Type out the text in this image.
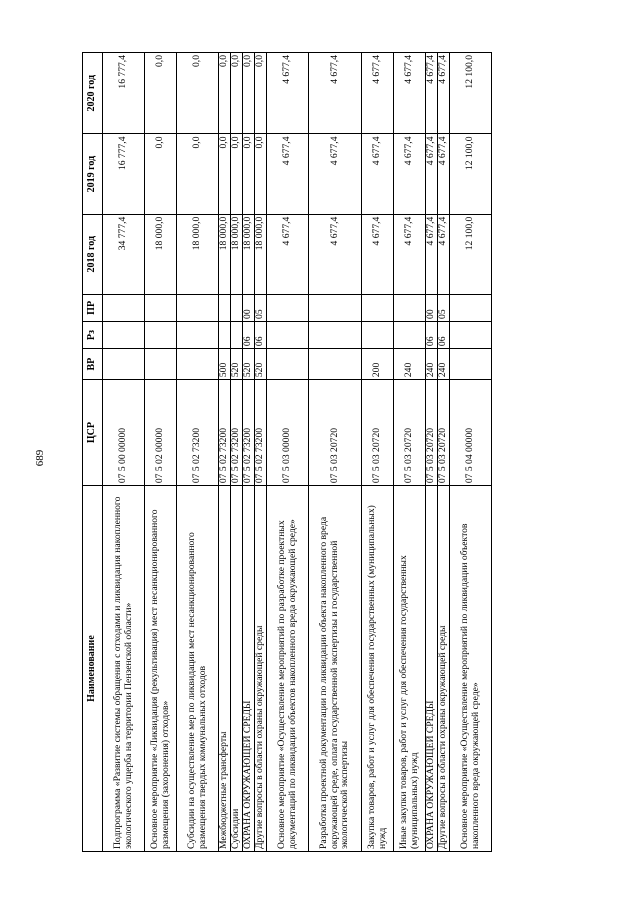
689
Наименование	ЦСР	ВР	Рз	ПР	2018 год	2019 год	2020 год
Подпрограмма «Развитие системы обращения с отходами и ликвидация накопленного экологического ущерба на территории Пензенской области»	07 5 00 00000				34 777,4	16 777,4	16 777,4
Основное мероприятие «Ликвидация (рекультивация) мест несанкционированного размещения (захоронения) отходов»	07 5 02 00000				18 000,0	0,0	0,0
Субсидии на осуществление мер по ликвидации мест несанкционированного размещения твердых коммунальных отходов	07 5 02 73200				18 000,0	0,0	0,0
Межбюджетные трансферты	07 5 02 73200	500			18 000,0	0,0	0,0
Субсидии	07 5 02 73200	520			18 000,0	0,0	0,0
ОХРАНА ОКРУЖАЮЩЕЙ СРЕДЫ	07 5 02 73200	520	06	00	18 000,0	0,0	0,0
Другие вопросы в области охраны окружающей среды	07 5 02 73200	520	06	05	18 000,0	0,0	0,0
Основное мероприятие «Осуществление мероприятий по разработке проектных документаций по ликвидации объектов накопленного вреда окружающей среде»	07 5 03 00000				4 677,4	4 677,4	4 677,4
Разработка проектной документации по ликвидации объекта накопленного вреда окружающей среде, оплата государственной экспертизы и государственной экологической экспертизы	07 5 03 20720				4 677,4	4 677,4	4 677,4
Закупка товаров, работ и услуг для обеспечения государственных (муниципальных) нужд	07 5 03 20720	200			4 677,4	4 677,4	4 677,4
Иные закупки товаров, работ и услуг для обеспечения государственных (муниципальных) нужд	07 5 03 20720	240			4 677,4	4 677,4	4 677,4
ОХРАНА ОКРУЖАЮЩЕЙ СРЕДЫ	07 5 03 20720	240	06	00	4 677,4	4 677,4	4 677,4
Другие вопросы в области охраны окружающей среды	07 5 03 20720	240	06	05	4 677,4	4 677,4	4 677,4
Основное мероприятие «Осуществление мероприятий по ликвидации объектов накопленного вреда окружающей среде»	07 5 04 00000				12 100,0	12 100,0	12 100,0
